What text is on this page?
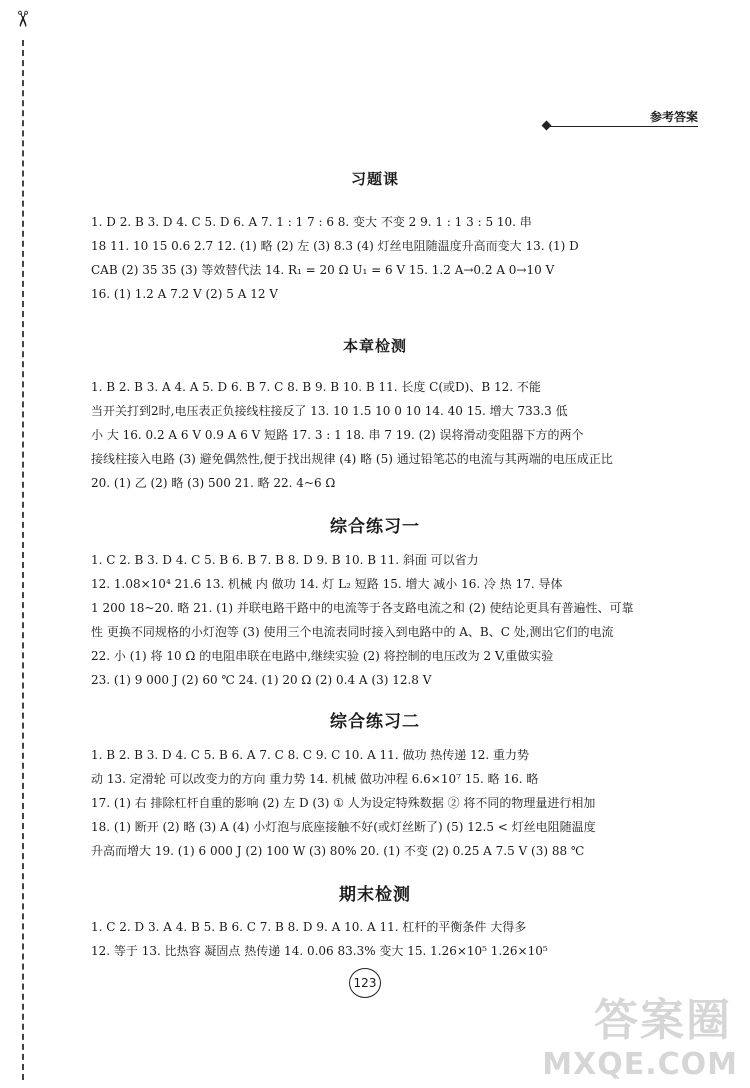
✂
参考答案
习题课

1. D 2. B 3. D 4. C 5. D 6. A 7. 1 : 1 7 : 6 8. 变大 不变 2 9. 1 : 1 3 : 5 10. 串

18 11. 10 15 0.6 2.7 12. (1) 略 (2) 左 (3) 8.3 (4) 灯丝电阻随温度升高而变大 13. (1) D

CAB (2) 35 35 (3) 等效替代法 14. R₁ = 20 Ω U₁ = 6 V 15. 1.2 A→0.2 A 0→10 V

16. (1) 1.2 A 7.2 V (2) 5 A 12 V

本章检测

1. B 2. B 3. A 4. A 5. D 6. B 7. C 8. B 9. B 10. B 11. 长度 C(或D)、B 12. 不能

当开关打到2时,电压表正负接线柱接反了 13. 10 1.5 10 0 10 14. 40 15. 增大 733.3 低

小 大 16. 0.2 A 6 V 0.9 A 6 V 短路 17. 3 : 1 18. 串 7 19. (2) 误将滑动变阻器下方的两个

接线柱接入电路 (3) 避免偶然性,便于找出规律 (4) 略 (5) 通过铅笔芯的电流与其两端的电压成正比

20. (1) 乙 (2) 略 (3) 500 21. 略 22. 4~6 Ω

综合练习一

1. C 2. B 3. D 4. C 5. B 6. B 7. B 8. D 9. B 10. B 11. 斜面 可以省力

12. 1.08×10⁴ 21.6 13. 机械 内 做功 14. 灯 L₂ 短路 15. 增大 减小 16. 冷 热 17. 导体

1 200 18~20. 略 21. (1) 并联电路干路中的电流等于各支路电流之和 (2) 使结论更具有普遍性、可靠

性 更换不同规格的小灯泡等 (3) 使用三个电流表同时接入到电路中的 A、B、C 处,测出它们的电流

22. 小 (1) 将 10 Ω 的电阻串联在电路中,继续实验 (2) 将控制的电压改为 2 V,重做实验

23. (1) 9 000 J (2) 60 ℃ 24. (1) 20 Ω (2) 0.4 A (3) 12.8 V

综合练习二

1. B 2. B 3. D 4. C 5. B 6. A 7. C 8. C 9. C 10. A 11. 做功 热传递 12. 重力势

动 13. 定滑轮 可以改变力的方向 重力势 14. 机械 做功冲程 6.6×10⁷ 15. 略 16. 略

17. (1) 右 排除杠杆自重的影响 (2) 左 D (3) ① 人为设定特殊数据 ② 将不同的物理量进行相加

18. (1) 断开 (2) 略 (3) A (4) 小灯泡与底座接触不好(或灯丝断了) (5) 12.5 < 灯丝电阻随温度

升高而增大 19. (1) 6 000 J (2) 100 W (3) 80% 20. (1) 不变 (2) 0.25 A 7.5 V (3) 88 ℃

期末检测

1. C 2. D 3. A 4. B 5. B 6. C 7. B 8. D 9. A 10. A 11. 杠杆的平衡条件 大得多

12. 等于 13. 比热容 凝固点 热传递 14. 0.06 83.3% 变大 15. 1.26×10⁵ 1.26×10⁵

123
答案圈
MXQE.COM
